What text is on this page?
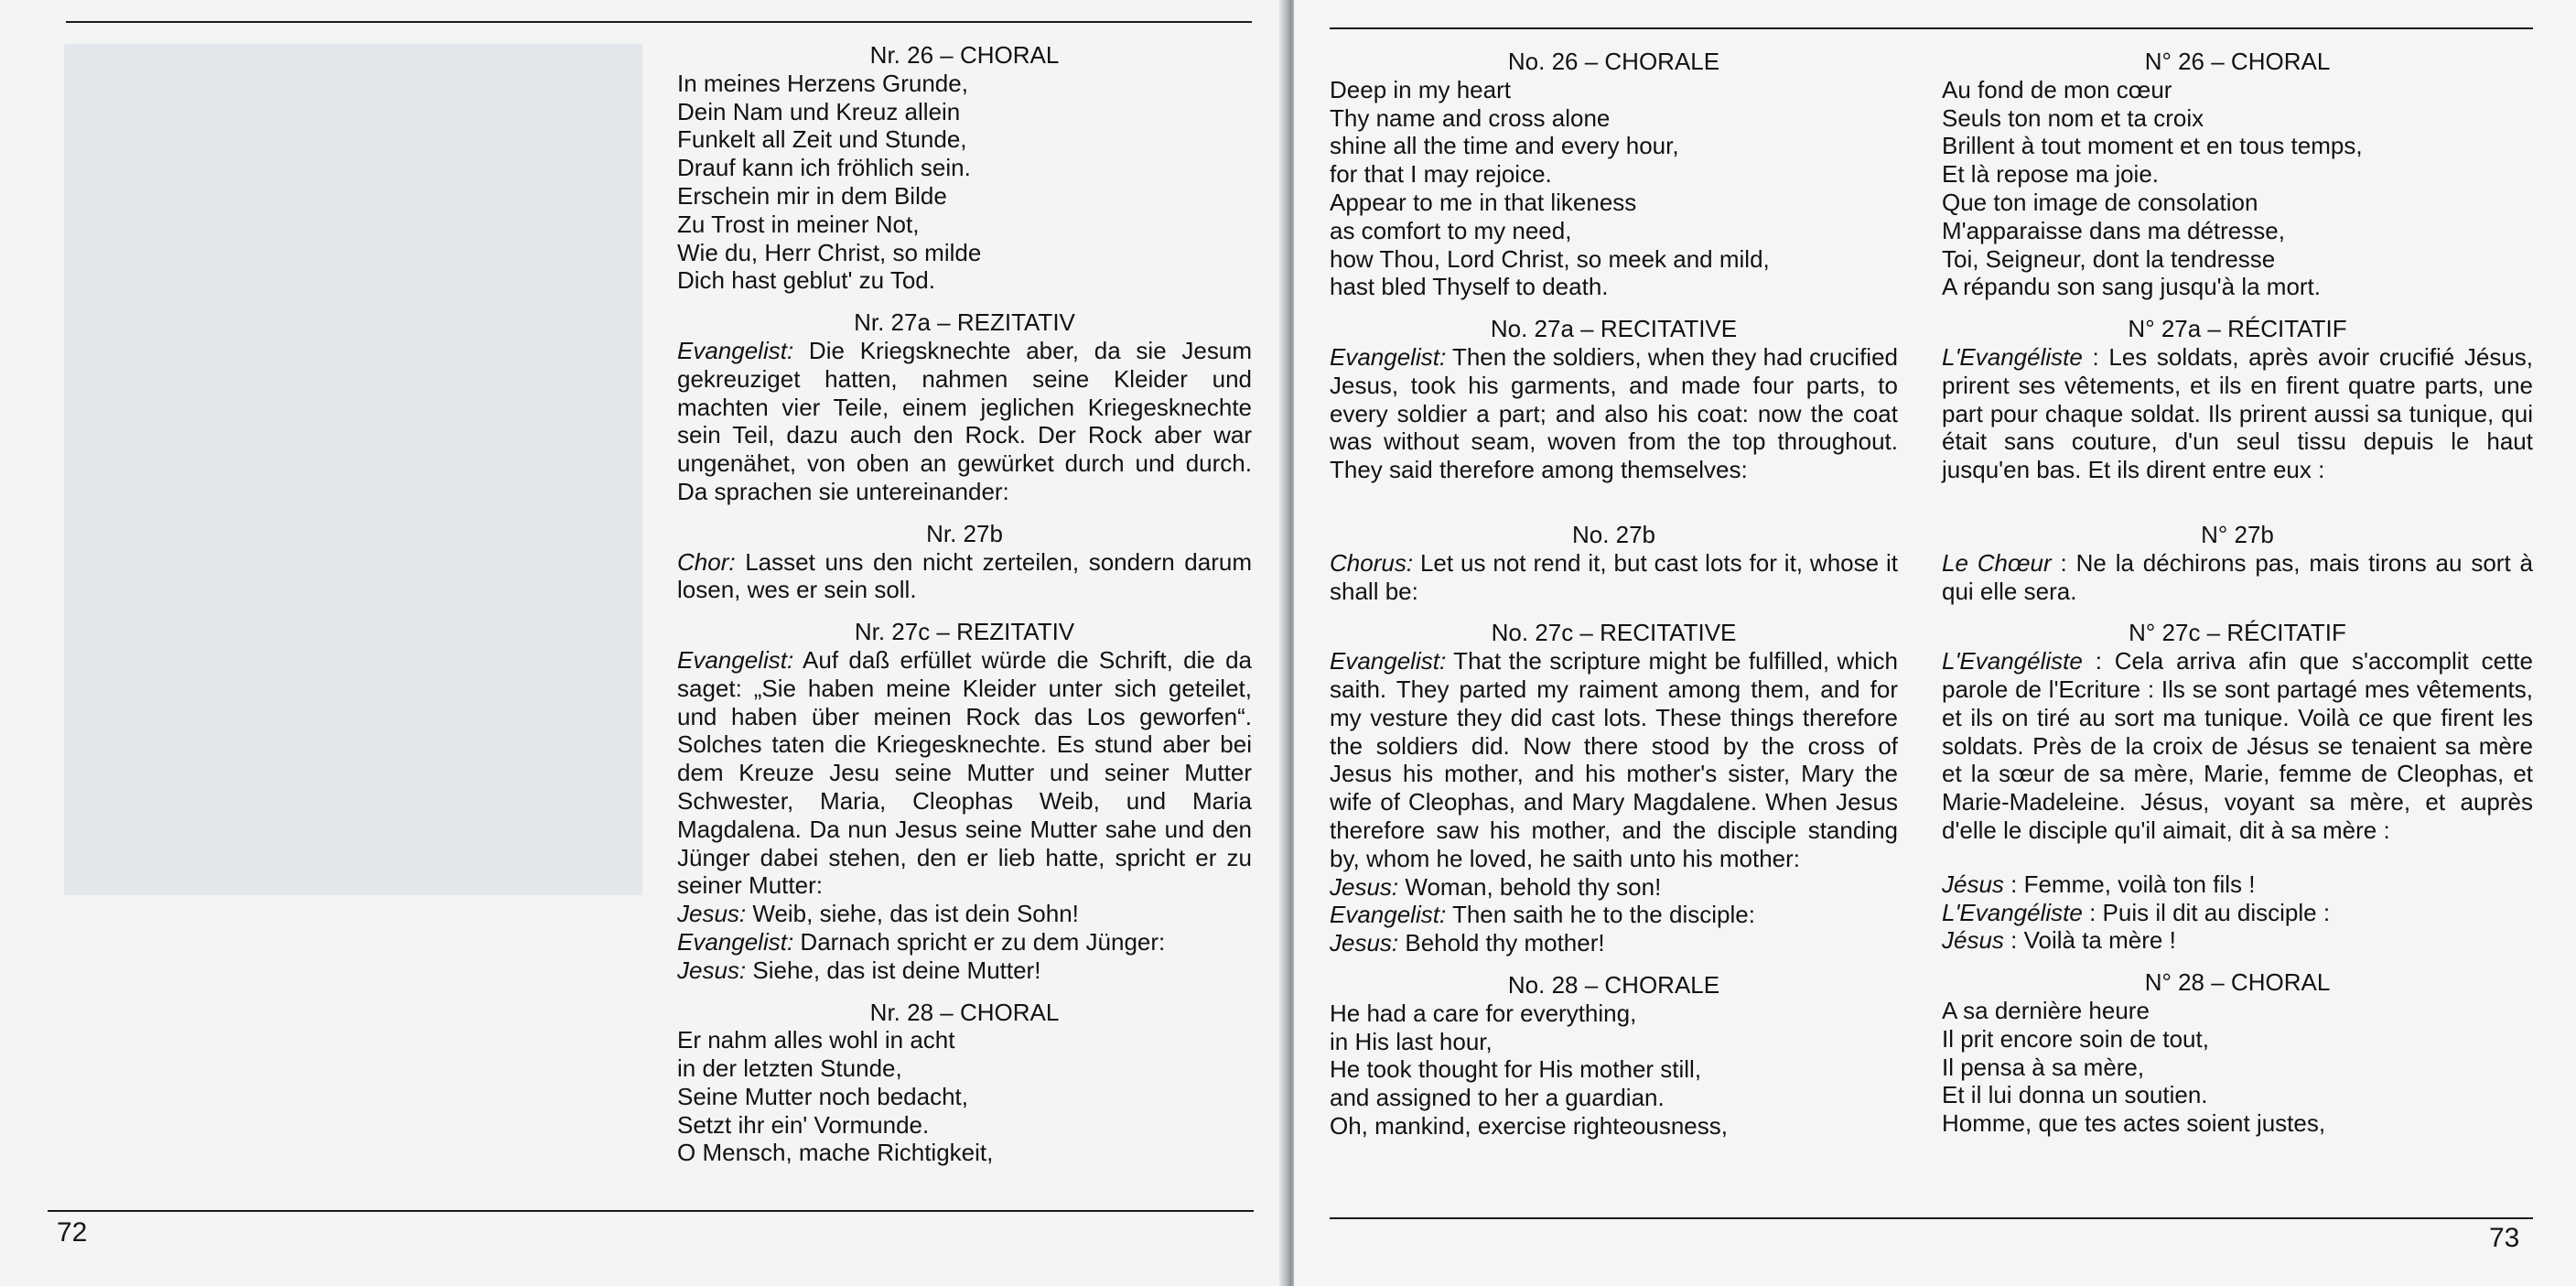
72

Nr. 26 – CHORAL

In meines Herzens Grunde,

Dein Nam und Kreuz allein

Funkelt all Zeit und Stunde,

Drauf kann ich fröhlich sein.

Erschein mir in dem Bilde

Zu Trost in meiner Not,

Wie du, Herr Christ, so milde

Dich hast geblut' zu Tod.

Nr. 27a – REZITATIV

Evangelist: Die Kriegsknechte aber, da sie Jesum gekreuziget hatten, nahmen seine Kleider und machten vier Teile, einem jeglichen Kriegesknechte sein Teil, dazu auch den Rock. Der Rock aber war ungenähet, von oben an gewürket durch und durch. Da sprachen sie untereinander:

Nr. 27b

Chor: Lasset uns den nicht zerteilen, sondern darum losen, wes er sein soll.

Nr. 27c – REZITATIV

Evangelist: Auf daß erfüllet würde die Schrift, die da saget: „Sie haben meine Kleider unter sich geteilet, und haben über meinen Rock das Los geworfen“. Solches taten die Kriegesknechte. Es stund aber bei dem Kreuze Jesu seine Mutter und seiner Mutter Schwester, Maria, Cleophas Weib, und Maria Magdalena. Da nun Jesus seine Mutter sahe und den Jünger dabei stehen, den er lieb hatte, spricht er zu seiner Mutter:

Jesus: Weib, siehe, das ist dein Sohn!

Evangelist: Darnach spricht er zu dem Jünger:

Jesus: Siehe, das ist deine Mutter!

Nr. 28 – CHORAL

Er nahm alles wohl in acht

in der letzten Stunde,

Seine Mutter noch bedacht,

Setzt ihr ein' Vormunde.

O Mensch, mache Richtigkeit,

73

No. 26 – CHORALE

Deep in my heart

Thy name and cross alone

shine all the time and every hour,

for that I may rejoice.

Appear to me in that likeness

as comfort to my need,

how Thou, Lord Christ, so meek and mild,

hast bled Thyself to death.

No. 27a – RECITATIVE

Evangelist: Then the soldiers, when they had crucified Jesus, took his garments, and made four parts, to every soldier a part; and also his coat: now the coat was without seam, woven from the top throughout. They said therefore among themselves:

No. 27b

Chorus: Let us not rend it, but cast lots for it, whose it shall be:

No. 27c – RECITATIVE

Evangelist: That the scripture might be fulfilled, which saith. They parted my raiment among them, and for my vesture they did cast lots. These things therefore the soldiers did. Now there stood by the cross of Jesus his mother, and his mother's sister, Mary the wife of Cleophas, and Mary Magdalene. When Jesus therefore saw his mother, and the disciple standing by, whom he loved, he saith unto his mother:

Jesus: Woman, behold thy son!

Evangelist: Then saith he to the disciple:

Jesus: Behold thy mother!

No. 28 – CHORALE

He had a care for everything,

in His last hour,

He took thought for His mother still,

and assigned to her a guardian.

Oh, mankind, exercise righteousness,

N° 26 – CHORAL

Au fond de mon cœur

Seuls ton nom et ta croix

Brillent à tout moment et en tous temps,

Et là repose ma joie.

Que ton image de consolation

M'apparaisse dans ma détresse,

Toi, Seigneur, dont la tendresse

A répandu son sang jusqu'à la mort.

N° 27a – RÉCITATIF

L'Evangéliste : Les soldats, après avoir crucifié Jésus, prirent ses vêtements, et ils en firent quatre parts, une part pour chaque soldat. Ils prirent aussi sa tunique, qui était sans couture, d'un seul tissu depuis le haut jusqu'en bas. Et ils dirent entre eux :

N° 27b

Le Chœur : Ne la déchirons pas, mais tirons au sort à qui elle sera.

N° 27c – RÉCITATIF

L'Evangéliste : Cela arriva afin que s'accomplit cette parole de l'Ecriture : Ils se sont partagé mes vêtements, et ils on tiré au sort ma tunique. Voilà ce que firent les soldats. Près de la croix de Jésus se tenaient sa mère et la sœur de sa mère, Marie, femme de Cleophas, et Marie-Madeleine. Jésus, voyant sa mère, et auprès d'elle le disciple qu'il aimait, dit à sa mère :

Jésus : Femme, voilà ton fils !

L'Evangéliste : Puis il dit au disciple :

Jésus : Voilà ta mère !

N° 28 – CHORAL

A sa dernière heure

Il prit encore soin de tout,

Il pensa à sa mère,

Et il lui donna un soutien.

Homme, que tes actes soient justes,
